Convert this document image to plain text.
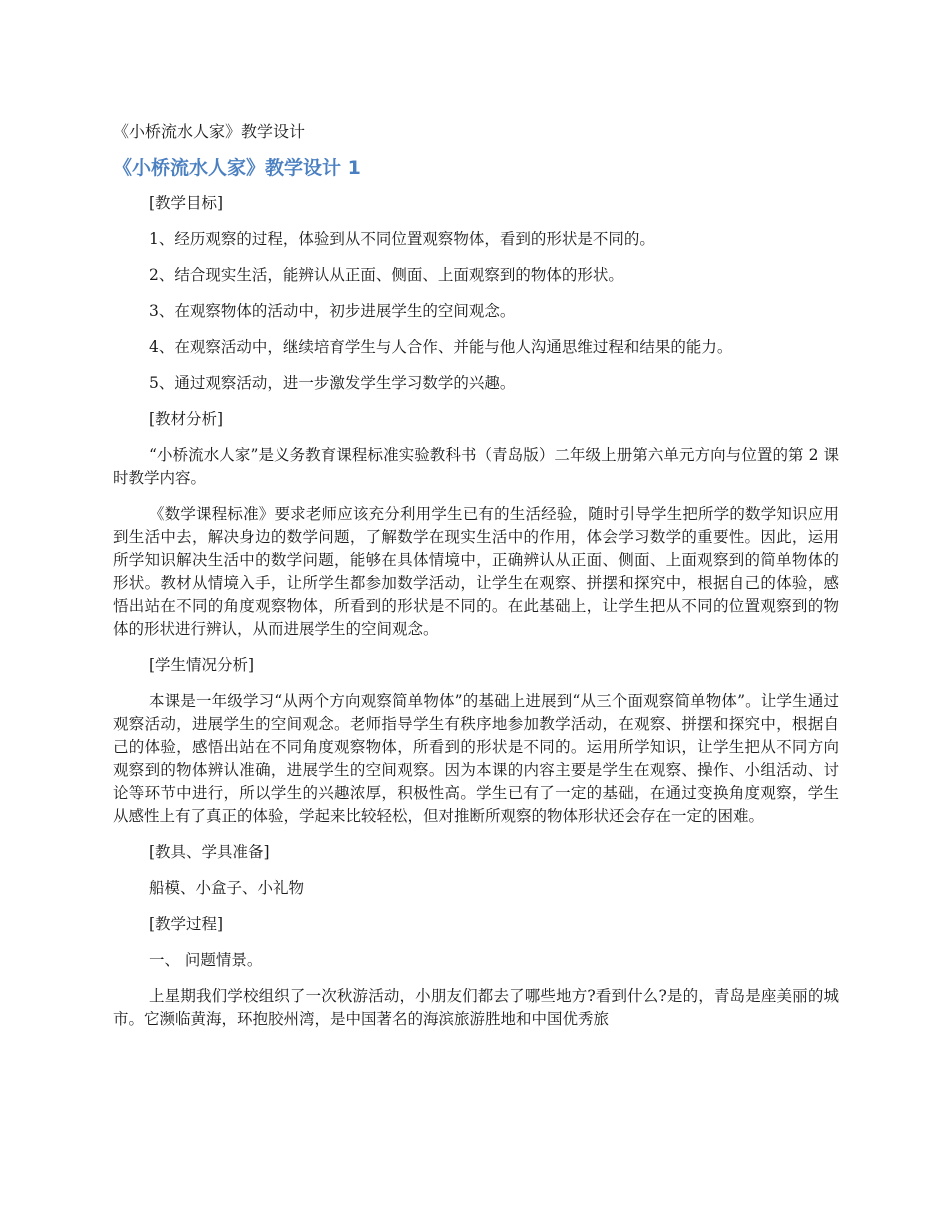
《小桥流水人家》教学设计
《小桥流水人家》教学设计 1
[教学目标]
1、经历观察的过程，体验到从不同位置观察物体，看到的形状是不同的。
2、结合现实生活，能辨认从正面、侧面、上面观察到的物体的形状。
3、在观察物体的活动中，初步进展学生的空间观念。
4、在观察活动中，继续培育学生与人合作、并能与他人沟通思维过程和结果的能力。
5、通过观察活动，进一步激发学生学习数学的兴趣。
[教材分析]
“小桥流水人家”是义务教育课程标准实验教科书（青岛版）二年级上册第六单元方向与位置的第 2 课时教学内容。
《数学课程标准》要求老师应该充分利用学生已有的生活经验，随时引导学生把所学的数学知识应用到生活中去，解决身边的数学问题，了解数学在现实生活中的作用，体会学习数学的重要性。因此，运用所学知识解决生活中的数学问题，能够在具体情境中，正确辨认从正面、侧面、上面观察到的简单物体的形状。教材从情境入手，让所学生都参加数学活动，让学生在观察、拼摆和探究中，根据自己的体验，感悟出站在不同的角度观察物体，所看到的形状是不同的。在此基础上，让学生把从不同的位置观察到的物体的形状进行辨认，从而进展学生的空间观念。
[学生情况分析]
本课是一年级学习“从两个方向观察简单物体”的基础上进展到“从三个面观察简单物体”。让学生通过观察活动，进展学生的空间观念。老师指导学生有秩序地参加教学活动，在观察、拼摆和探究中，根据自己的体验，感悟出站在不同角度观察物体，所看到的形状是不同的。运用所学知识，让学生把从不同方向观察到的物体辨认准确，进展学生的空间观察。因为本课的内容主要是学生在观察、操作、小组活动、讨论等环节中进行，所以学生的兴趣浓厚，积极性高。学生已有了一定的基础，在通过变换角度观察，学生从感性上有了真正的体验，学起来比较轻松，但对推断所观察的物体形状还会存在一定的困难。
[教具、学具准备]
船模、小盒子、小礼物
[教学过程]
一、 问题情景。
上星期我们学校组织了一次秋游活动，小朋友们都去了哪些地方?看到什么?是的，青岛是座美丽的城市。它濒临黄海，环抱胶州湾，是中国著名的海滨旅游胜地和中国优秀旅
